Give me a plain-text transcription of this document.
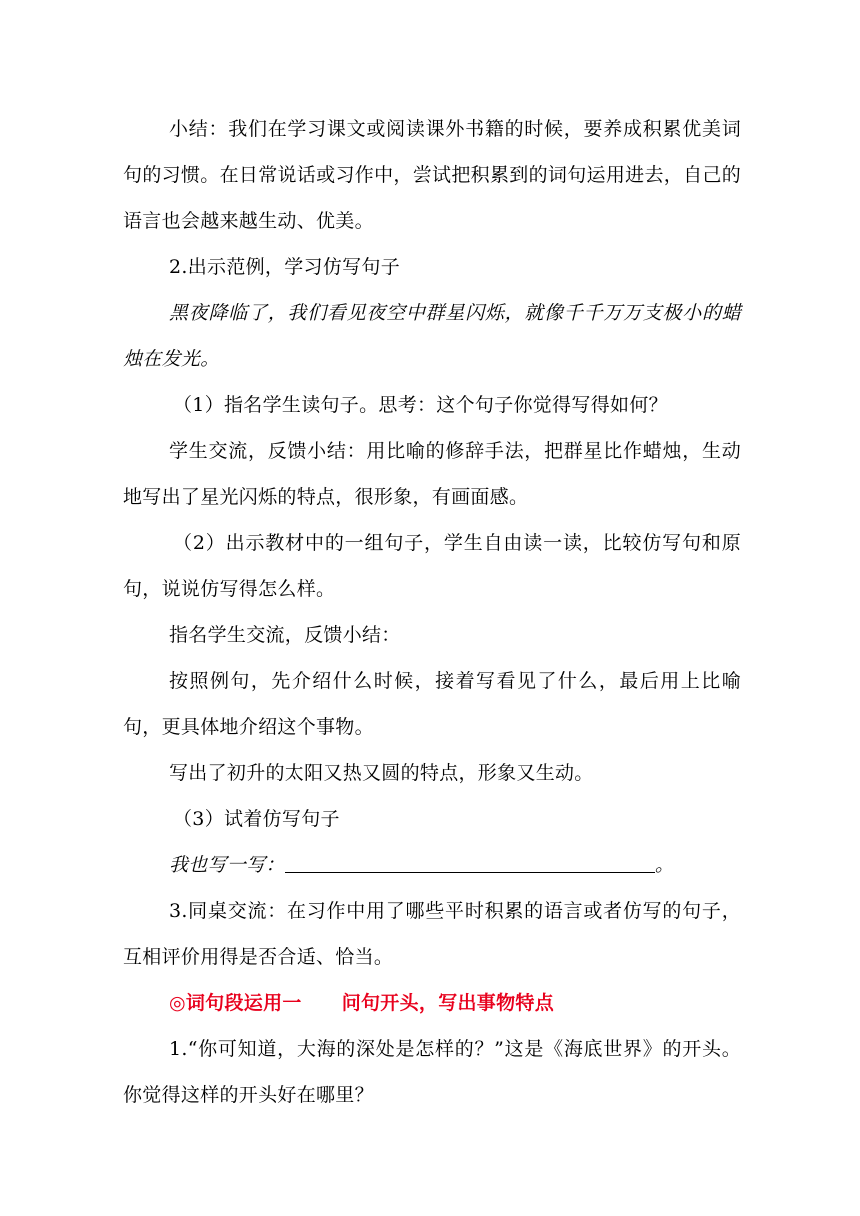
小结：我们在学习课文或阅读课外书籍的时候，要养成积累优美词句的习惯。在日常说话或习作中，尝试把积累到的词句运用进去，自己的语言也会越来越生动、优美。

2.出示范例，学习仿写句子

黑夜降临了，我们看见夜空中群星闪烁，就像千千万万支极小的蜡烛在发光。

（1）指名学生读句子。思考：这个句子你觉得写得如何？

学生交流，反馈小结：用比喻的修辞手法，把群星比作蜡烛，生动地写出了星光闪烁的特点，很形象，有画面感。

（2）出示教材中的一组句子，学生自由读一读，比较仿写句和原句，说说仿写得怎么样。

指名学生交流，反馈小结：

按照例句，先介绍什么时候，接着写看见了什么，最后用上比喻句，更具体地介绍这个事物。

写出了初升的太阳又热又圆的特点，形象又生动。

（3）试着仿写句子

我也写一写：	。

3.同桌交流：在习作中用了哪些平时积累的语言或者仿写的句子，互相评价用得是否合适、恰当。

◎词句段运用一 问句开头，写出事物特点

1.“你可知道，大海的深处是怎样的？”这是《海底世界》的开头。你觉得这样的开头好在哪里？
